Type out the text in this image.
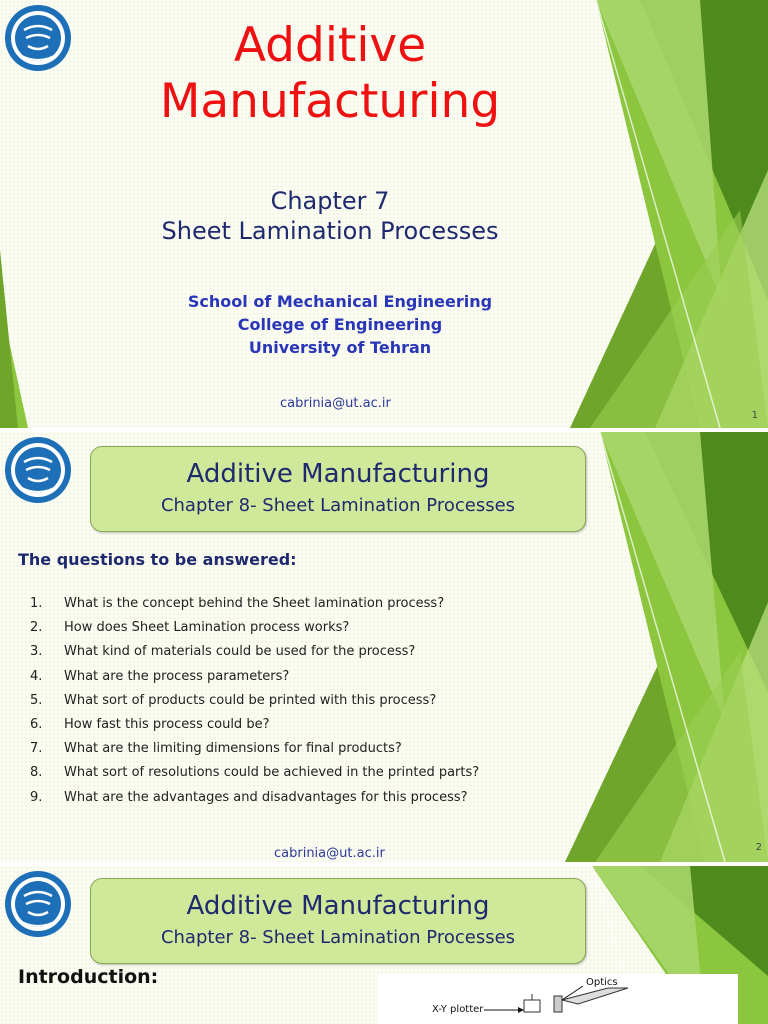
Additive
Manufacturing
Chapter 7
Sheet Lamination Processes
School of Mechanical Engineering
College of Engineering
University of Tehran
cabrinia@ut.ac.ir
1
Additive Manufacturing
Chapter 8- Sheet Lamination Processes
The questions to be answered:
1. What is the concept behind the Sheet lamination process?
2. How does Sheet Lamination process works?
3. What kind of materials could be used for the process?
4. What are the process parameters?
5. What sort of products could be printed with this process?
6. How fast this process could be?
7. What are the limiting dimensions for final products?
8. What sort of resolutions could be achieved in the printed parts?
9. What are the advantages and disadvantages for this process?
cabrinia@ut.ac.ir	2
Additive Manufacturing
Chapter 8- Sheet Lamination Processes
Introduction:	Optics
X-Y plotter
